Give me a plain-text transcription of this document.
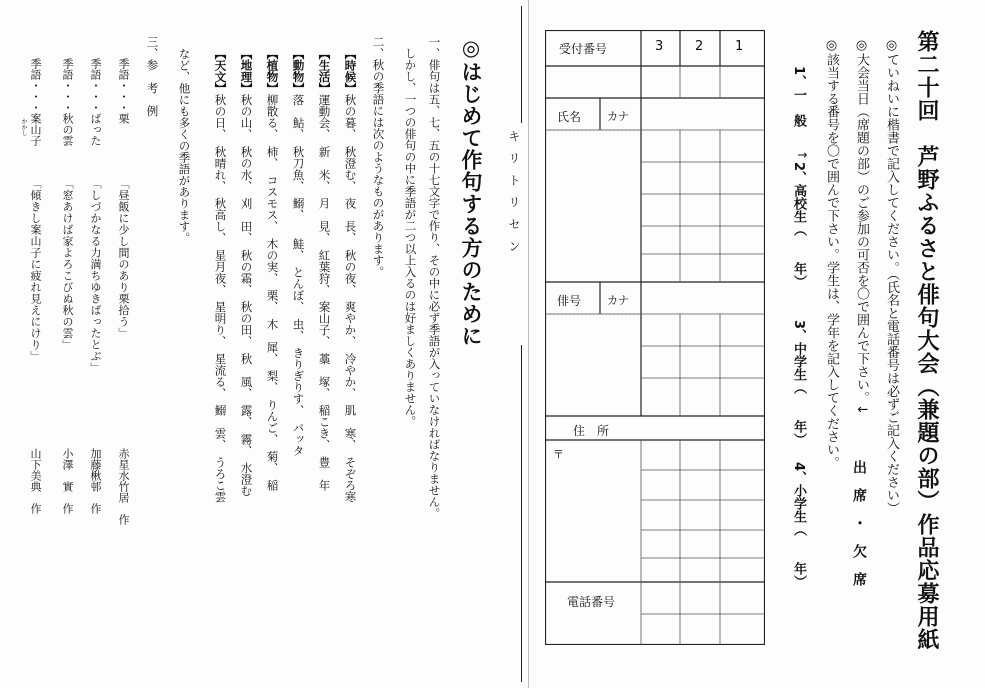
第二十回　芦野ふるさと俳句大会（兼題の部）作品応募用紙
◎ていねいに楷書で記入してください。（氏名と電話番号は必ずご記入ください）
◎大会当日（席題の部）のご参加の可否を〇で囲んで下さい。↓
出　席　・　欠　席
◎該当する番号を〇で囲んで下さい。学生は、学年を記入してください。
1、一　般
↑
2、高校生（　　年）
3、中学生（　　年）
4、小学生（　　年）
受付番号	3 2 1
氏名 カナ
俳号 カナ
住　所
〒
電話番号
キリトリセン
◎はじめて作句する方のために
一、俳句は五、七、五の十七文字で作り、その中に必ず季語が入っていなければなりません。
　しかし、一つの俳句の中に季語が二つ以上入るのは好ましくありません。
二、秋の季語には次のようなものがあります。
【時候】秋の暮、　秋澄む、　夜　長、　秋の夜、　爽やか、　冷やか、　肌　寒、　そぞろ寒
【生活】運動会、　新　米、　月　見、　紅葉狩、　案山子、　藁　塚、　稲こき、　豊　年
【動物】落　鮎、　秋刀魚、　鰯、　　鮭、　とんぼ、　虫、　きりぎりす、　バッタ
【植物】柳散る、　柿、　コスモス、　木の実、　栗、　木　犀、　梨、　りんご、　菊、　稲
【地理】秋の山、　秋の水、　刈　田、　秋の霜、　秋の田、　秋　風、　露、　霧、　水澄む
【天文】秋の日、　秋晴れ、　秋高し、　星月夜、　星明り、　星流る、　鰯　雲、　うろこ雲
など、他にも多くの季語があります。
三、参　考　例
季語・・・栗
「昼飯に少し間のあり栗拾う」
赤星水竹居　作
季語・・・ばった
「しづかなる力満ちゆきばったとぶ」
加藤楸邨　作
季語・・・秋の雲
「窓あけば家よろこびぬ秋の雲」
小澤　實　作
季語・・・案山子
かかし
「傾きし案山子に疲れ見えにけり」
山下美典　作
